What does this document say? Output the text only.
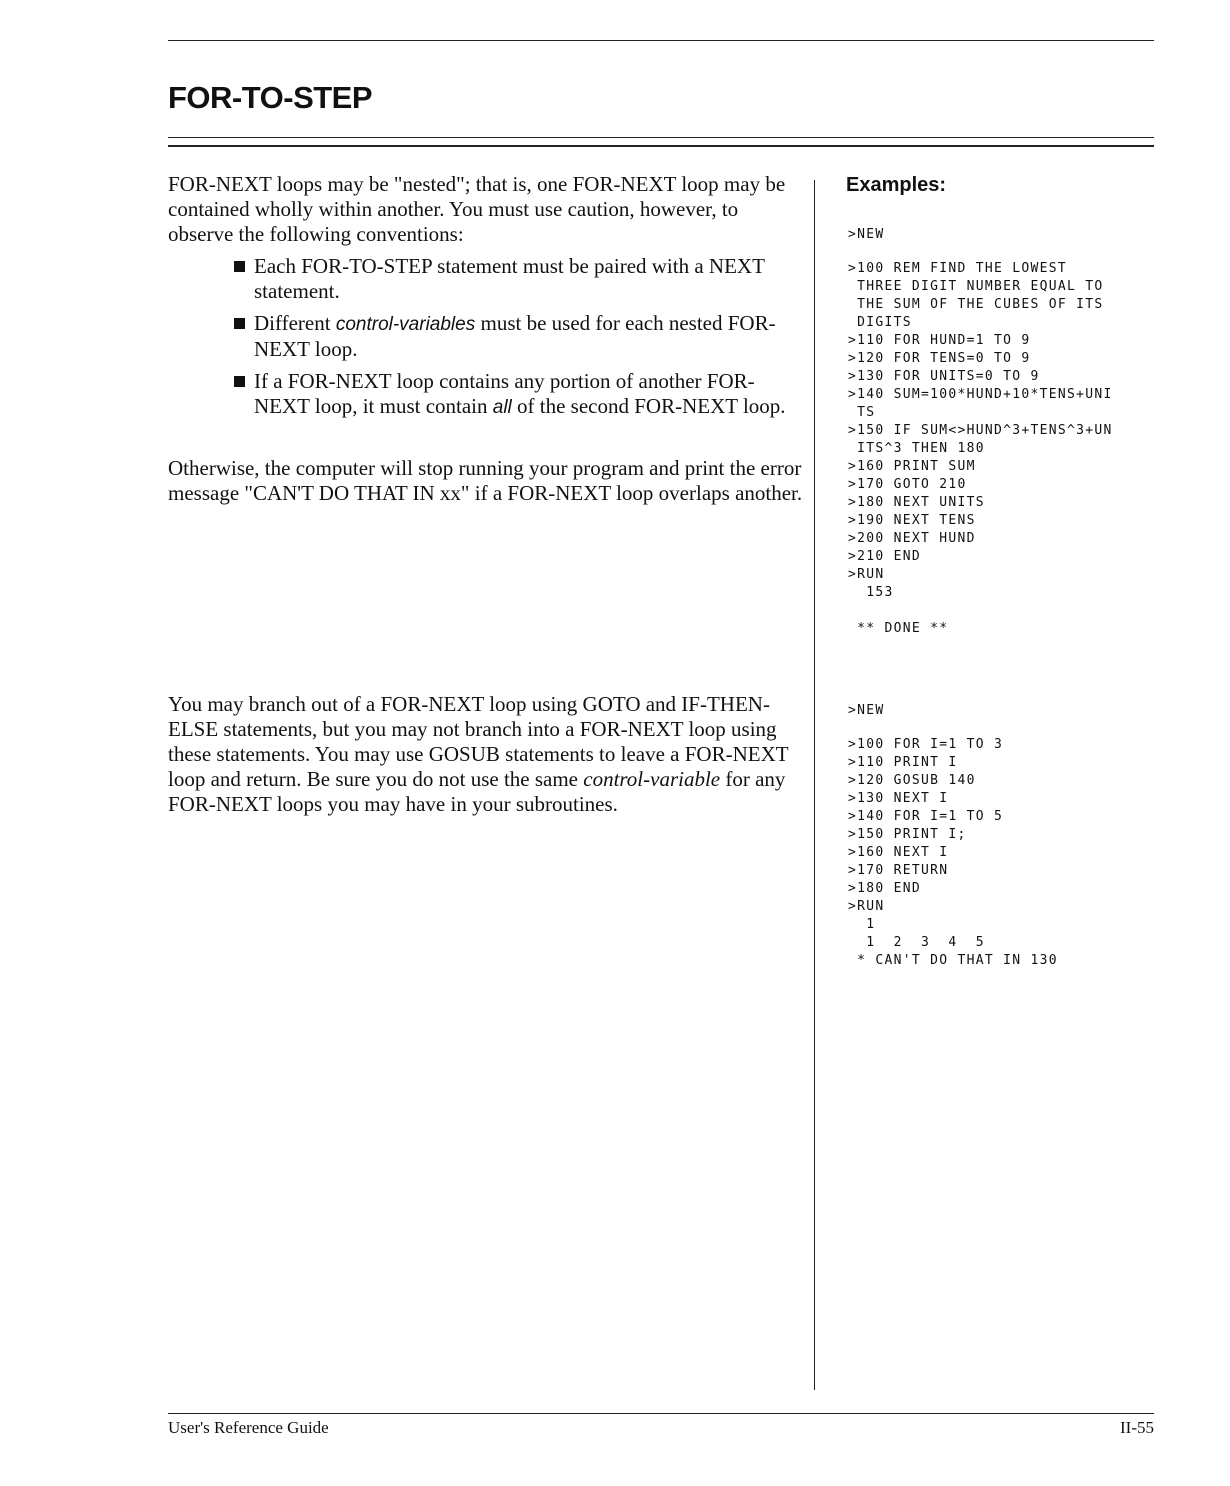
FOR-TO-STEP

FOR-NEXT loops may be "nested"; that is, one FOR-NEXT loop may be contained wholly within another. You must use caution, however, to observe the following conventions:

Each FOR-TO-STEP statement must be paired with a NEXT statement.
Different control-variables must be used for each nested FOR-NEXT loop.
If a FOR-NEXT loop contains any portion of another FOR-NEXT loop, it must contain all of the second FOR-NEXT loop.

Otherwise, the computer will stop running your program and print the error message "CAN'T DO THAT IN xx" if a FOR-NEXT loop overlaps another.

You may branch out of a FOR-NEXT loop using GOTO and IF-THEN-ELSE statements, but you may not branch into a FOR-NEXT loop using these statements. You may use GOSUB statements to leave a FOR-NEXT loop and return. Be sure you do not use the same control-variable for any FOR-NEXT loops you may have in your subroutines.

Examples:
>NEW
>100 REM FIND THE LOWEST
THREE DIGIT NUMBER EQUAL TO
THE SUM OF THE CUBES OF ITS
DIGITS
>110 FOR HUND=1 TO 9
>120 FOR TENS=0 TO 9
>130 FOR UNITS=0 TO 9
>140 SUM=100*HUND+10*TENS+UNI
TS
>150 IF SUM<>HUND^3+TENS^3+UN
ITS^3 THEN 180
>160 PRINT SUM
>170 GOTO 210
>180 NEXT UNITS
>190 NEXT TENS
>200 NEXT HUND
>210 END
>RUN
153

** DONE **
>NEW
>100 FOR I=1 TO 3
>110 PRINT I
>120 GOSUB 140
>130 NEXT I
>140 FOR I=1 TO 5
>150 PRINT I;
>160 NEXT I
>170 RETURN
>180 END
>RUN
1
1  2  3  4  5
* CAN'T DO THAT IN 130
User's Reference Guide	II-55
